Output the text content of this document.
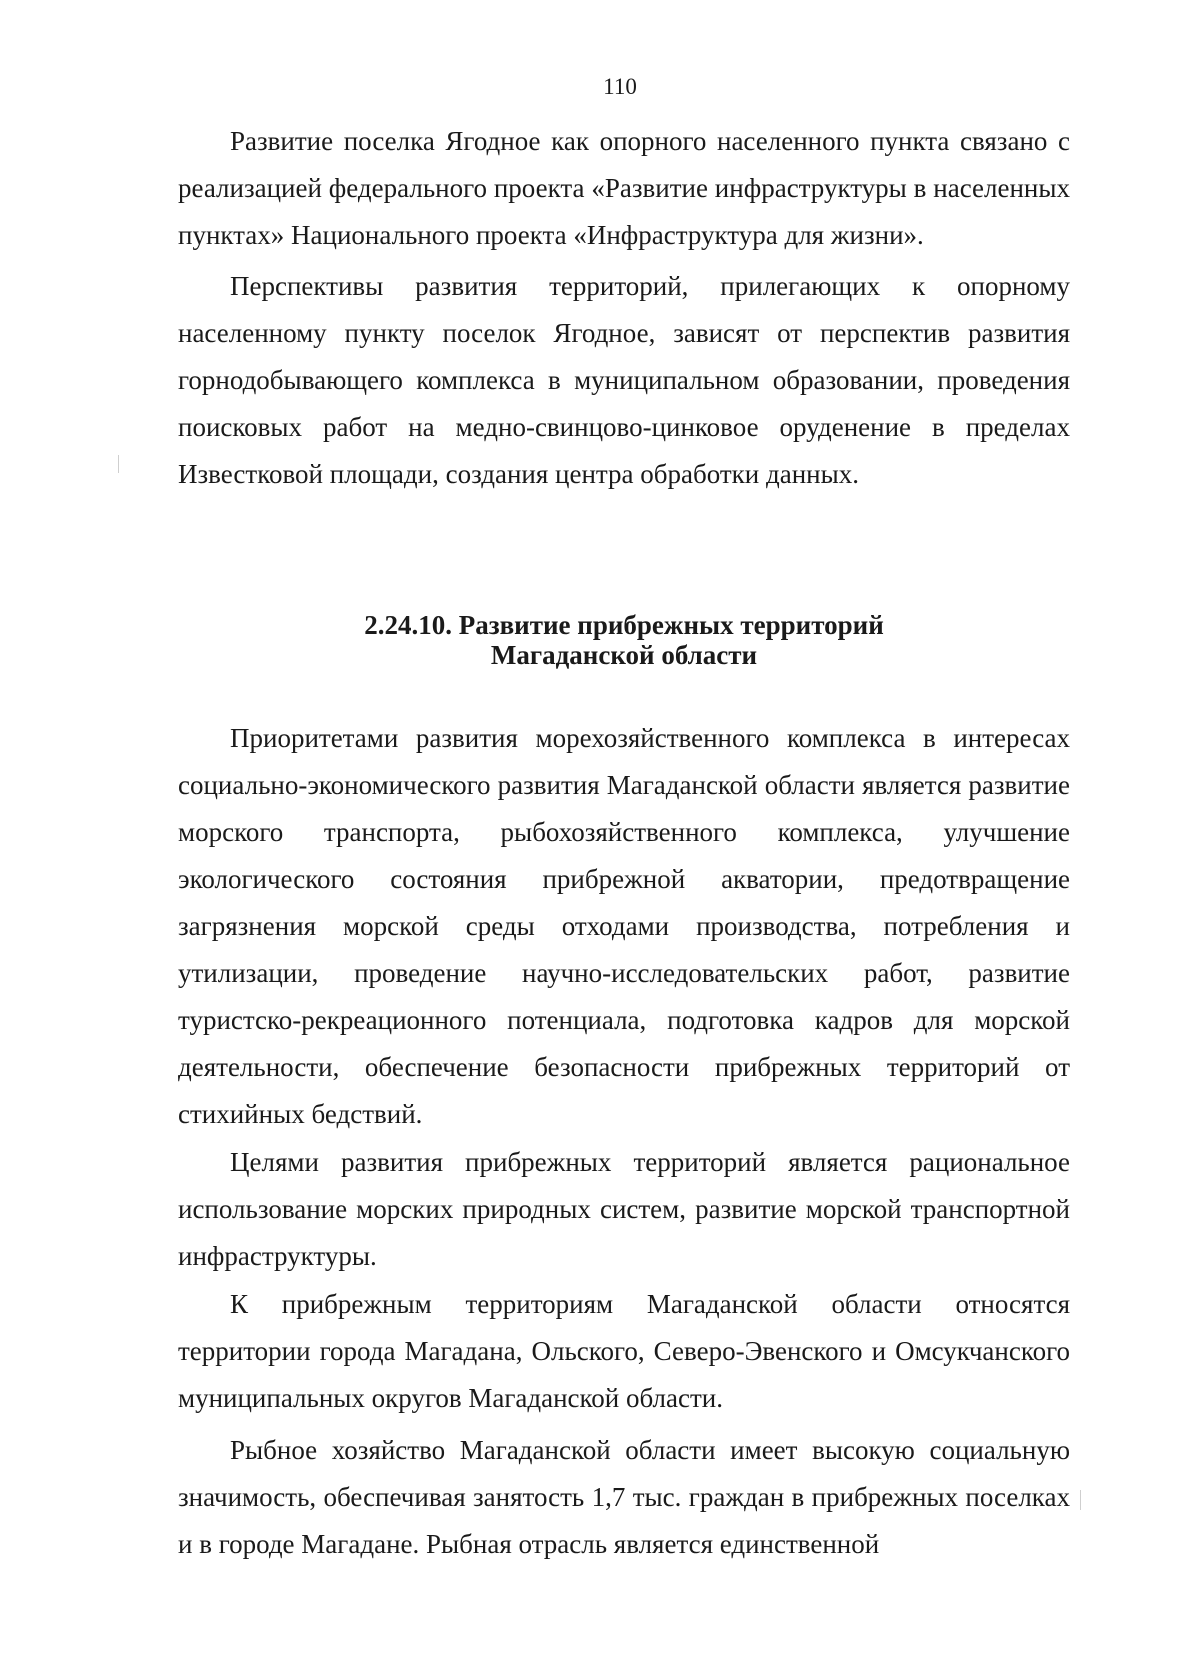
110

Развитие поселка Ягодное как опорного населенного пункта связано с реализацией федерального проекта «Развитие инфраструктуры в населенных пунктах» Национального проекта «Инфраструктура для жизни».

Перспективы развития территорий, прилегающих к опорному населенному пункту поселок Ягодное, зависят от перспектив развития горнодобывающего комплекса в муниципальном образовании, проведения поисковых работ на медно-свинцово-цинковое оруденение в пределах Известковой площади, создания центра обработки данных.

2.24.10. Развитие прибрежных территорий
Магаданской области

Приоритетами развития морехозяйственного комплекса в интересах социально-экономического развития Магаданской области является развитие морского транспорта, рыбохозяйственного комплекса, улучшение экологического состояния прибрежной акватории, предотвращение загрязнения морской среды отходами производства, потребления и утилизации, проведение научно-исследовательских работ, развитие туристско-рекреационного потенциала, подготовка кадров для морской деятельности, обеспечение безопасности прибрежных территорий от стихийных бедствий.

Целями развития прибрежных территорий является рациональное использование морских природных систем, развитие морской транспортной инфраструктуры.

К прибрежным территориям Магаданской области относятся территории города Магадана, Ольского, Северо-Эвенского и Омсукчанского муниципальных округов Магаданской области.

Рыбное хозяйство Магаданской области имеет высокую социальную значимость, обеспечивая занятость 1,7 тыс. граждан в прибрежных поселках и в городе Магадане. Рыбная отрасль является единственной
